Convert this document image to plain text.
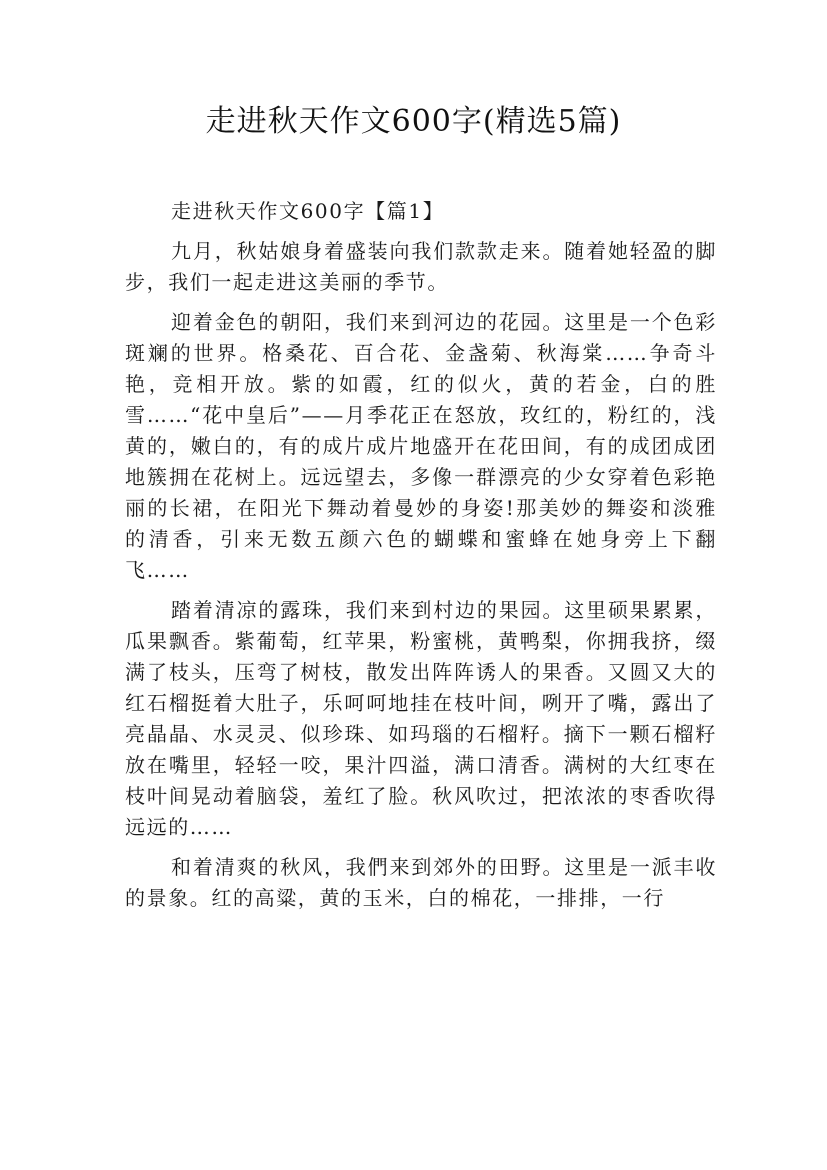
走进秋天作文600字(精选5篇)

走进秋天作文600字【篇1】

九月，秋姑娘身着盛装向我们款款走来。随着她轻盈的脚步，我们一起走进这美丽的季节。

迎着金色的朝阳，我们来到河边的花园。这里是一个色彩斑斓的世界。格桑花、百合花、金盏菊、秋海棠……争奇斗艳，竞相开放。紫的如霞，红的似火，黄的若金，白的胜雪……“花中皇后”——月季花正在怒放，玫红的，粉红的，浅黄的，嫩白的，有的成片成片地盛开在花田间，有的成团成团地簇拥在花树上。远远望去，多像一群漂亮的少女穿着色彩艳丽的长裙，在阳光下舞动着曼妙的身姿!那美妙的舞姿和淡雅的清香，引来无数五颜六色的蝴蝶和蜜蜂在她身旁上下翻飞……

踏着清凉的露珠，我们来到村边的果园。这里硕果累累，瓜果飘香。紫葡萄，红苹果，粉蜜桃，黄鸭梨，你拥我挤，缀满了枝头，压弯了树枝，散发出阵阵诱人的果香。又圆又大的红石榴挺着大肚子，乐呵呵地挂在枝叶间，咧开了嘴，露出了亮晶晶、水灵灵、似珍珠、如玛瑙的石榴籽。摘下一颗石榴籽放在嘴里，轻轻一咬，果汁四溢，满口清香。满树的大红枣在枝叶间晃动着脑袋，羞红了脸。秋风吹过，把浓浓的枣香吹得远远的……

和着清爽的秋风，我們来到郊外的田野。这里是一派丰收的景象。红的高粱，黄的玉米，白的棉花，一排排，一行
